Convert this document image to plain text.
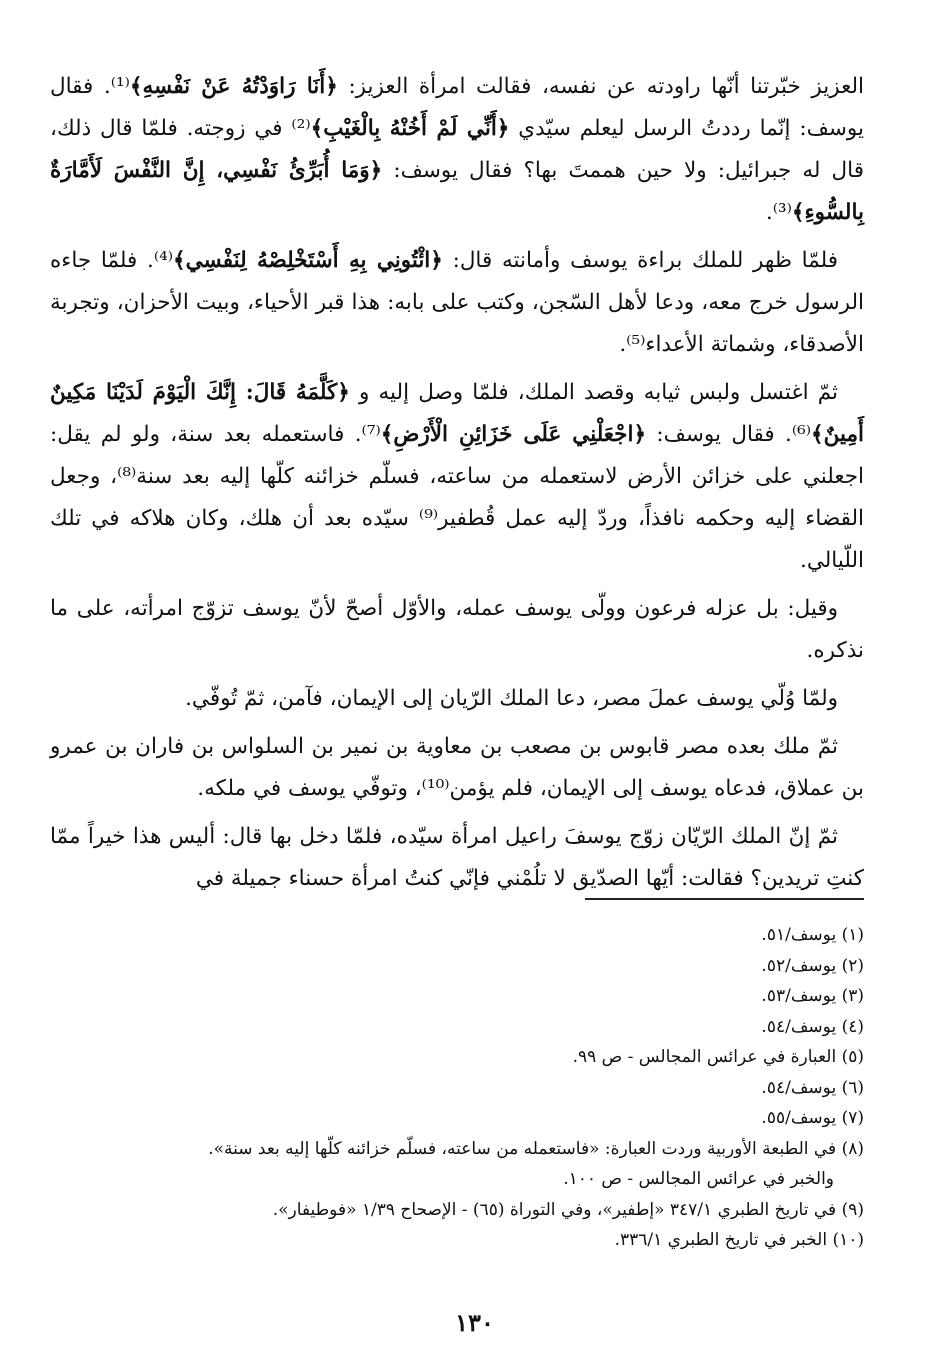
العزيز خبّرتنا أنّها راودته عن نفسه، فقالت امرأة العزيز: ﴿أَنَا رَاوَدْتُهُ عَنْ نَفْسِهِ﴾⁽¹⁾. فقال يوسف: إنّما رددتُ الرسل ليعلم سيّدي ﴿أَنِّي لَمْ أَخُنْهُ بِالْغَيْبِ﴾⁽²⁾ في زوجته. فلمّا قال ذلك، قال له جبرائيل: ولا حين هممتَ بها؟ فقال يوسف: ﴿وَمَا أُبَرِّئُ نَفْسِي، إِنَّ النَّفْسَ لَأَمَّارَةٌ بِالسُّوءِ﴾⁽³⁾.

فلمّا ظهر للملك براءة يوسف وأمانته قال: ﴿ائْتُونِي بِهِ أَسْتَخْلِصْهُ لِنَفْسِي﴾⁽⁴⁾. فلمّا جاءه الرسول خرج معه، ودعا لأهل السّجن، وكتب على بابه: هذا قبر الأحياء، وبيت الأحزان، وتجربة الأصدقاء، وشماتة الأعداء⁽⁵⁾.

ثمّ اغتسل ولبس ثيابه وقصد الملك، فلمّا وصل إليه و ﴿كَلَّمَهُ قَالَ: إِنَّكَ الْيَوْمَ لَدَيْنَا مَكِينٌ أَمِينٌ﴾⁽⁶⁾. فقال يوسف: ﴿اجْعَلْنِي عَلَى خَزَائِنِ الْأَرْضِ﴾⁽⁷⁾. فاستعمله بعد سنة، ولو لم يقل: اجعلني على خزائن الأرض لاستعمله من ساعته، فسلّم خزائنه كلّها إليه بعد سنة⁽⁸⁾، وجعل القضاء إليه وحكمه نافذاً، وردّ إليه عمل قُطفير⁽⁹⁾ سيّده بعد أن هلك، وكان هلاكه في تلك اللّيالي.

وقيل: بل عزله فرعون وولّى يوسف عمله، والأوّل أصحّ لأنّ يوسف تزوّج امرأته، على ما نذكره.

ولمّا وُلّي يوسف عملَ مصر، دعا الملك الرّيان إلى الإيمان، فآمن، ثمّ تُوفّي.

ثمّ ملك بعده مصر قابوس بن مصعب بن معاوية بن نمير بن السلواس بن فاران بن عمرو بن عملاق، فدعاه يوسف إلى الإيمان، فلم يؤمن⁽¹⁰⁾، وتوفّي يوسف في ملكه.

ثمّ إنّ الملك الرّيّان زوّج يوسفَ راعيل امرأة سيّده، فلمّا دخل بها قال: أليس هذا خيراً ممّا كنتِ تريدين؟ فقالت: أيّها الصدّيق لا تلُمْني فإنّي كنتُ امرأة حسناء جميلة في

(١) يوسف/٥١.
(٢) يوسف/٥٢.
(٣) يوسف/٥٣.
(٤) يوسف/٥٤.
(٥) العبارة في عرائس المجالس - ص ٩٩.
(٦) يوسف/٥٤.
(٧) يوسف/٥٥.
(٨) في الطبعة الأوربية وردت العبارة: «فاستعمله من ساعته، فسلّم خزائنه كلّها إليه بعد سنة».
والخبر في عرائس المجالس - ص ١٠٠.
(٩) في تاريخ الطبري ٣٤٧/١ «إطفير»، وفي التوراة (٦٥) - الإصحاح ١/٣٩ «فوطيفار».
(١٠) الخبر في تاريخ الطبري ٣٣٦/١.
١٣٠
